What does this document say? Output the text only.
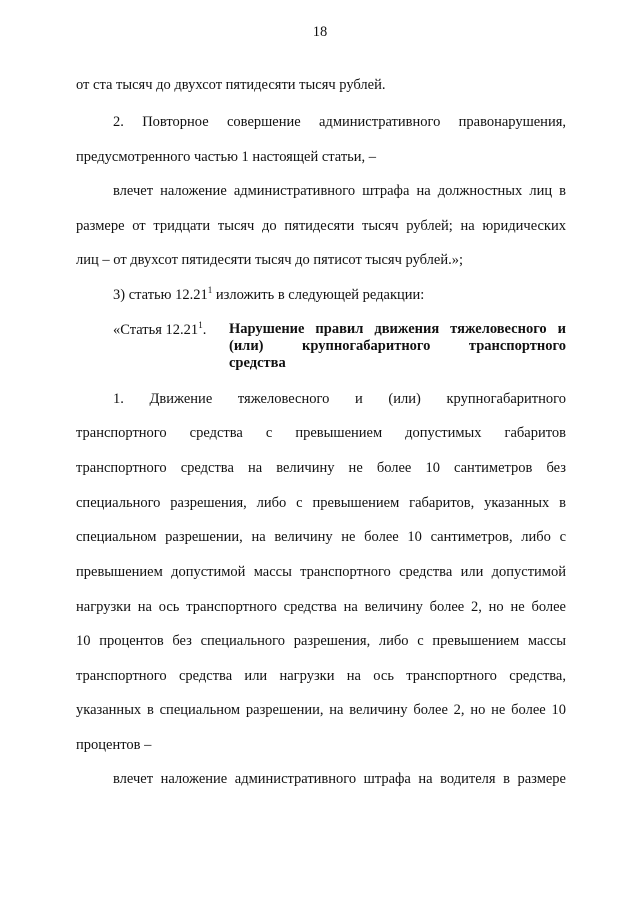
18
от ста тысяч до двухсот пятидесяти тысяч рублей.
2. Повторное совершение административного правонарушения,
предусмотренного частью 1 настоящей статьи, –
влечет наложение административного штрафа на должностных лиц в
размере от тридцати тысяч до пятидесяти тысяч рублей; на юридических
лиц – от двухсот пятидесяти тысяч до пятисот тысяч рублей.»;
3) статью 12.21$^1$ изложить в следующей редакции:
«Статья 12.21$^1$. Нарушение правил движения тяжеловесного и
(или) крупногабаритного транспортного
средства
1. Движение тяжеловесного и (или) крупногабаритного
транспортного средства с превышением допустимых габаритов
транспортного средства на величину не более 10 сантиметров без
специального разрешения, либо с превышением габаритов, указанных в
специальном разрешении, на величину не более 10 сантиметров, либо с
превышением допустимой массы транспортного средства или допустимой
нагрузки на ось транспортного средства на величину более 2, но не более
10 процентов без специального разрешения, либо с превышением массы
транспортного средства или нагрузки на ось транспортного средства,
указанных в специальном разрешении, на величину более 2, но не более 10
процентов –
влечет наложение административного штрафа на водителя в размере
